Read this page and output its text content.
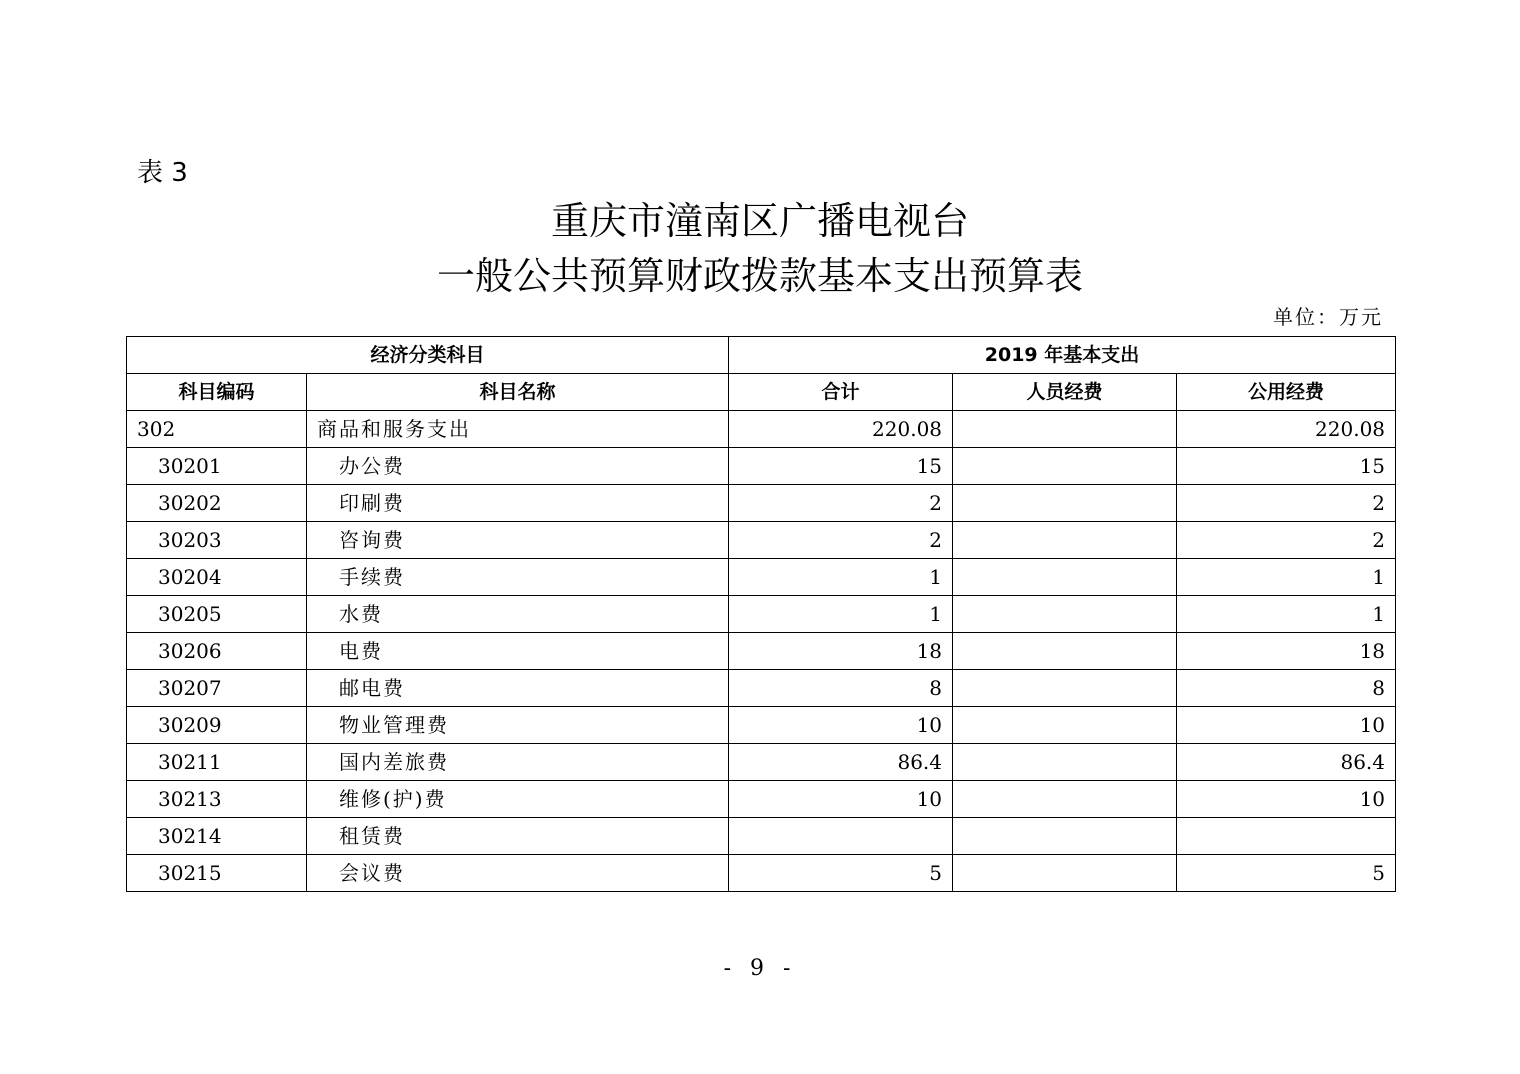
表 3
重庆市潼南区广播电视台
一般公共预算财政拨款基本支出预算表
单位：万元
经济分类科目		2019 年基本支出		
科目编码	科目名称	合计	人员经费	公用经费
302	商品和服务支出	220.08		220.08
30201	办公费	15		15
30202	印刷费	2		2
30203	咨询费	2		2
30204	手续费	1		1
30205	水费	1		1
30206	电费	18		18
30207	邮电费	8		8
30209	物业管理费	10		10
30211	国内差旅费	86.4		86.4
30213	维修(护)费	10		10
30214	租赁费			
30215	会议费	5		5
- 9 -
